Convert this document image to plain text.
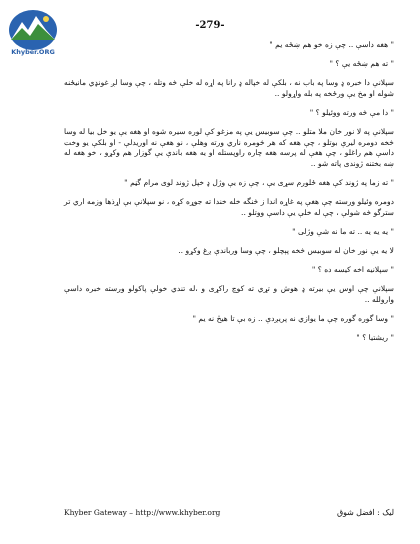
Khyber.ORG
-279-

" هغه داسې .. چې زه خو هم ښځه يم "

" ته هم ښځه يې ؟ "

سپلانې دا خبره ډ وسا په باب نه ، بلکې له خپاله ډ رانا په اړه له خلې څه وتله ، چې وسا لږ غونډي مانيځنه شوله او مخ يې ورځخه په بله واړولو ..

" دا مې څه ورته ووئيلو ؟ "

سپلانې په لا نور خان ملا متلو .. چې سوبيس يې په مزغو کې لوره سيره شوه او هغه يې يو خل بيا له وسا څخه دومره ليرې بوتلو ، چې هغه که هر څومره ناري ورته وهلې ، نو هغې نه اوريدلې - او بلکې يو وخت داسې هم راغلو ، چې هغې له پرسه هغه چاره راوپستله او يه هغه باندې يې گوزار هم وکړو ، خو هغه له ښه بختنه ژوندی پاته شو ..

" ته زما په ژوند کې هغه ځلورم سړی يې ، چې زه يې وژل ډ خپل ژوند لوی مرام گڼم "

دومره وئيلو ورسته چې هغې په غاړه اندا ز څنگه خله خندا ته جوړه کړه ، نو سپلانې بې اړذها وزمه اري تر سترگو څه شولې ، چې له خلې يې داسې ووتلو ..

" يه يه يه .. ته ما نه شې وژلی "

لا يه يې نور خان له سوبيس څخه پېچلو ، چې وسا ورباندې ږغ وکړو ..

" سپلانيه اخه کيسه ده ؟ "

سپلانې چې اوس يې بيرته ډ هوش و تړي ته کوچ راکړی و ،له تندي خولې پاکولو ورسته خبره داسې وارولله ..

" وسا گوره گوره چې ما يوازي نه پريږدې .. زه بې تا هيڅ نه يم "

" ريشتيا ؟ "

Khyber Gateway – http://www.khyber.org	ليک : افضل شوق
